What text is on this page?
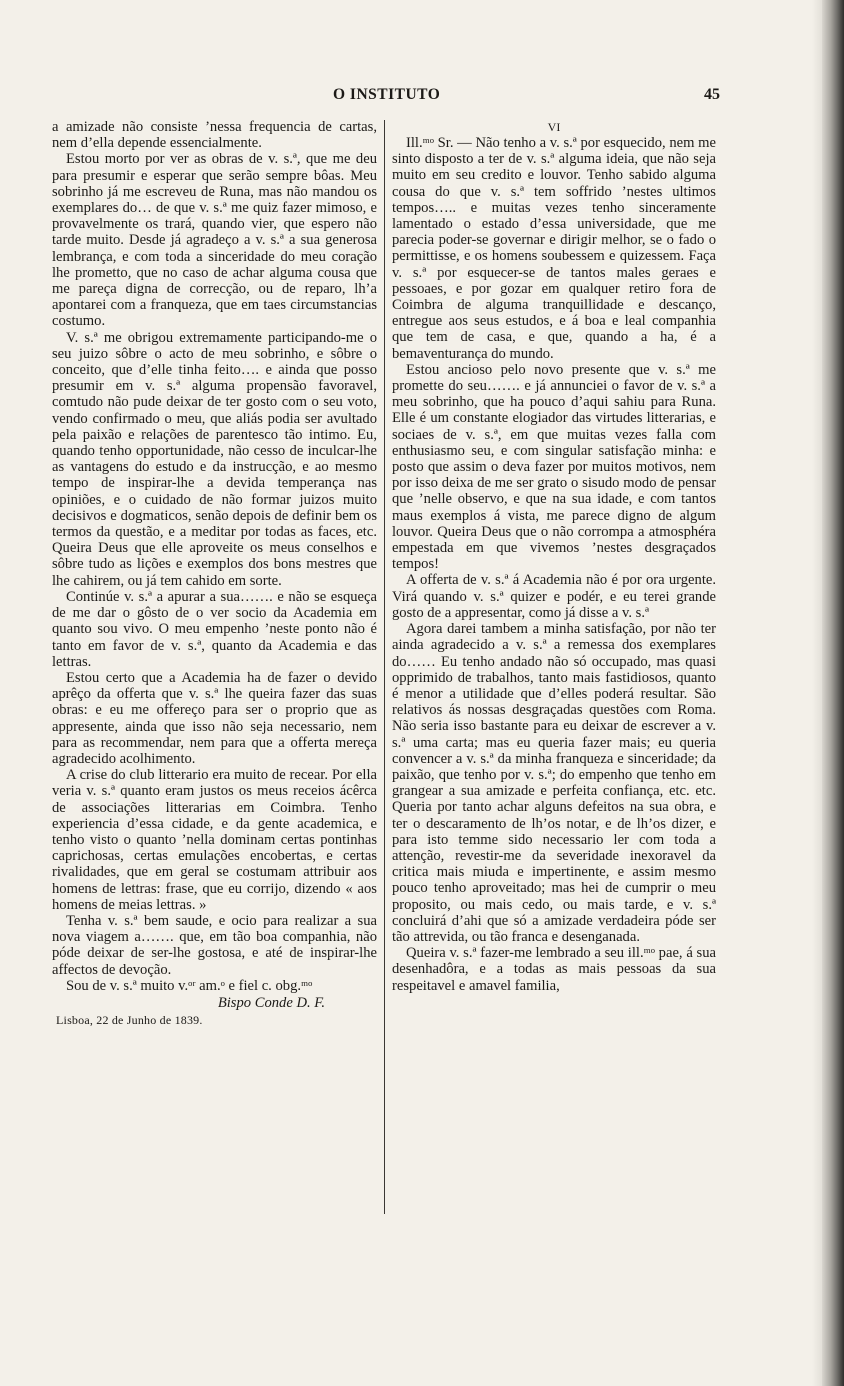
O INSTITUTO	45

a amizade não consiste ’nessa frequencia de cartas, nem d’ella depende essencialmente.

Estou morto por ver as obras de v. s.ª, que me deu para presumir e esperar que serão sempre bôas. Meu sobrinho já me escreveu de Runa, mas não mandou os exemplares do… de que v. s.ª me quiz fazer mimoso, e provavelmente os trará, quando vier, que espero não tarde muito. Desde já agradeço a v. s.ª a sua generosa lembrança, e com toda a sinceridade do meu coração lhe prometto, que no caso de achar alguma cousa que me pareça digna de correcção, ou de reparo, lh’a apontarei com a franqueza, que em taes circumstancias costumo.

V. s.ª me obrigou extremamente participando-me o seu juizo sôbre o acto de meu sobrinho, e sôbre o conceito, que d’elle tinha feito…. e ainda que posso presumir em v. s.ª alguma propensão favoravel, comtudo não pude deixar de ter gosto com o seu voto, vendo confirmado o meu, que aliás podia ser avultado pela paixão e relações de parentesco tão intimo. Eu, quando tenho opportunidade, não cesso de inculcar-lhe as vantagens do estudo e da instrucção, e ao mesmo tempo de inspirar-lhe a devida temperança nas opiniões, e o cuidado de não formar juizos muito decisivos e dogmaticos, senão depois de definir bem os termos da questão, e a meditar por todas as faces, etc. Queira Deus que elle aproveite os meus conselhos e sôbre tudo as lições e exemplos dos bons mestres que lhe cahirem, ou já tem cahido em sorte.

Continúe v. s.ª a apurar a sua……. e não se esqueça de me dar o gôsto de o ver socio da Academia em quanto sou vivo. O meu empenho ’neste ponto não é tanto em favor de v. s.ª, quanto da Academia e das lettras.

Estou certo que a Academia ha de fazer o devido aprêço da offerta que v. s.ª lhe queira fazer das suas obras: e eu me offereço para ser o proprio que as appresente, ainda que isso não seja necessario, nem para as recommendar, nem para que a offerta mereça agradecido acolhimento.

A crise do club litterario era muito de recear. Por ella veria v. s.ª quanto eram justos os meus receios ácêrca de associações litterarias em Coimbra. Tenho experiencia d’essa cidade, e da gente academica, e tenho visto o quanto ’nella dominam certas pontinhas caprichosas, certas emulações encobertas, e certas rivalidades, que em geral se costumam attribuir aos homens de lettras: frase, que eu corrijo, dizendo « aos homens de meias lettras. »

Tenha v. s.ª bem saude, e ocio para realizar a sua nova viagem a……. que, em tão boa companhia, não póde deixar de ser-lhe gostosa, e até de inspirar-lhe affectos de devoção.

Sou de v. s.ª muito v.ᵒʳ am.ᵒ e fiel c. obg.ᵐᵒ

Bispo Conde D. F.
Lisboa, 22 de Junho de 1839.
VI

Ill.ᵐᵒ Sr. — Não tenho a v. s.ª por esquecido, nem me sinto disposto a ter de v. s.ª alguma ideia, que não seja muito em seu credito e louvor. Tenho sabido alguma cousa do que v. s.ª tem soffrido ’nestes ultimos tempos….. e muitas vezes tenho sinceramente lamentado o estado d’essa universidade, que me parecia poder-se governar e dirigir melhor, se o fado o permittisse, e os homens soubessem e quizessem. Faça v. s.ª por esquecer-se de tantos males geraes e pessoaes, e por gozar em qualquer retiro fora de Coimbra de alguma tranquillidade e descanço, entregue aos seus estudos, e á boa e leal companhia que tem de casa, e que, quando a ha, é a bemaventurança do mundo.

Estou ancioso pelo novo presente que v. s.ª me promette do seu……. e já annunciei o favor de v. s.ª a meu sobrinho, que ha pouco d’aqui sahiu para Runa. Elle é um constante elogiador das virtudes litterarias, e sociaes de v. s.ª, em que muitas vezes falla com enthusiasmo seu, e com singular satisfação minha: e posto que assim o deva fazer por muitos motivos, nem por isso deixa de me ser grato o sisudo modo de pensar que ’nelle observo, e que na sua idade, e com tantos maus exemplos á vista, me parece digno de algum louvor. Queira Deus que o não corrompa a atmosphéra empestada em que vivemos ’nestes desgraçados tempos!

A offerta de v. s.ª á Academia não é por ora urgente. Virá quando v. s.ª quizer e podér, e eu terei grande gosto de a appresentar, como já disse a v. s.ª

Agora darei tambem a minha satisfação, por não ter ainda agradecido a v. s.ª a remessa dos exemplares do…… Eu tenho andado não só occupado, mas quasi opprimido de trabalhos, tanto mais fastidiosos, quanto é menor a utilidade que d’elles poderá resultar. São relativos ás nossas desgraçadas questões com Roma. Não seria isso bastante para eu deixar de escrever a v. s.ª uma carta; mas eu queria fazer mais; eu queria convencer a v. s.ª da minha franqueza e sinceridade; da paixão, que tenho por v. s.ª; do empenho que tenho em grangear a sua amizade e perfeita confiança, etc. etc. Queria por tanto achar alguns defeitos na sua obra, e ter o descaramento de lh’os notar, e de lh’os dizer, e para isto temme sido necessario ler com toda a attenção, revestir-me da severidade inexoravel da critica mais miuda e impertinente, e assim mesmo pouco tenho aproveitado; mas hei de cumprir o meu proposito, ou mais cedo, ou mais tarde, e v. s.ª concluirá d’ahi que só a amizade verdadeira póde ser tão attrevida, ou tão franca e desenganada.

Queira v. s.ª fazer-me lembrado a seu ill.ᵐᵒ pae, á sua desenhadôra, e a todas as mais pessoas da sua respeitavel e amavel familia,
